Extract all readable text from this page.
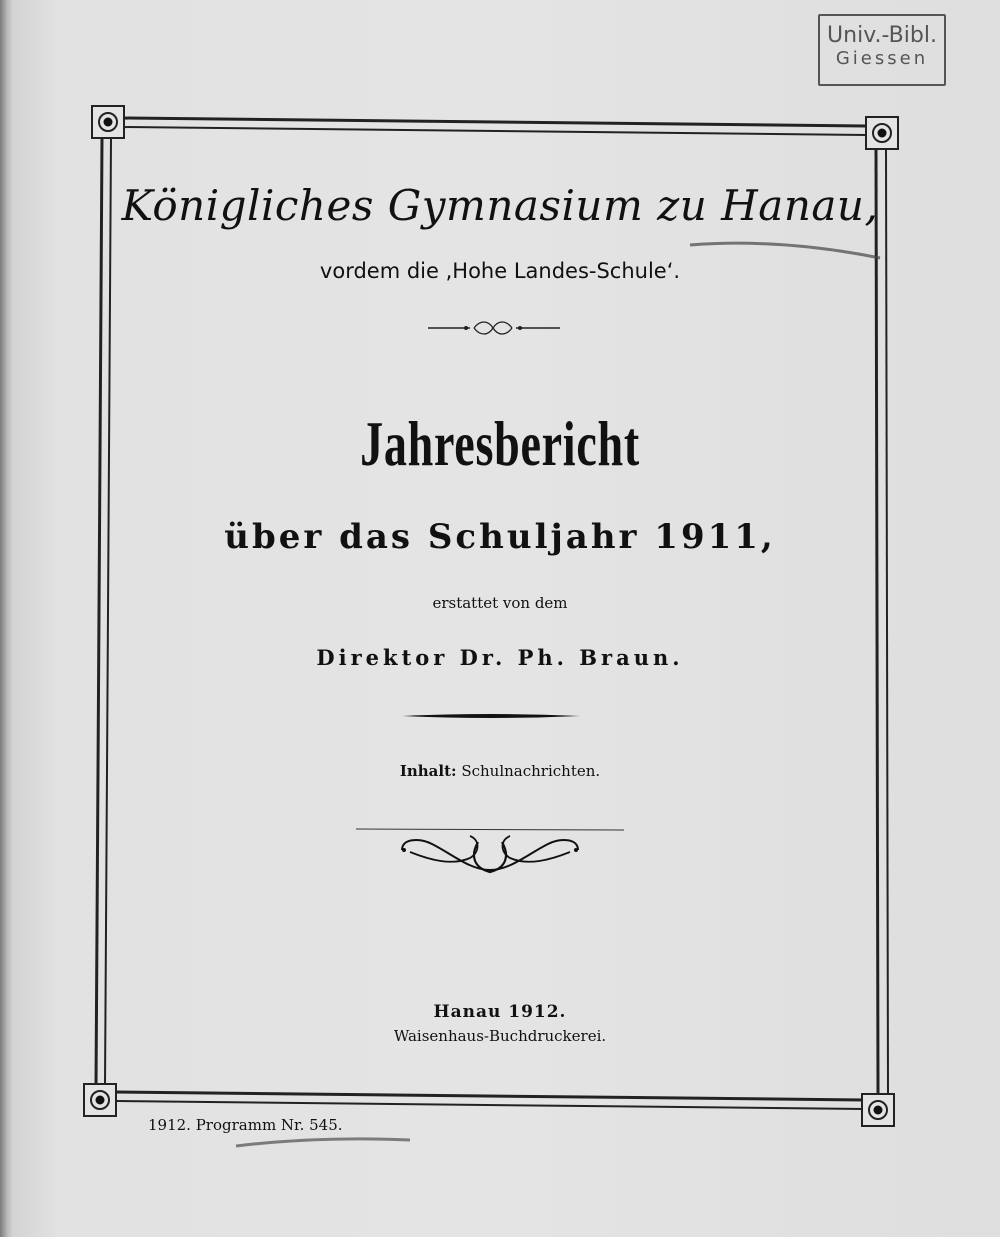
Univ.-Bibl.
Giessen
Königliches Gymnasium zu Hanau,
vordem die ,Hohe Landes-Schule‘.
Jahresbericht
über das Schuljahr 1911,
erstattet von dem
Direktor Dr. Ph. Braun.
Inhalt: Schulnachrichten.
Hanau 1912.
Waisenhaus-Buchdruckerei.
1912. Programm Nr. 545.
